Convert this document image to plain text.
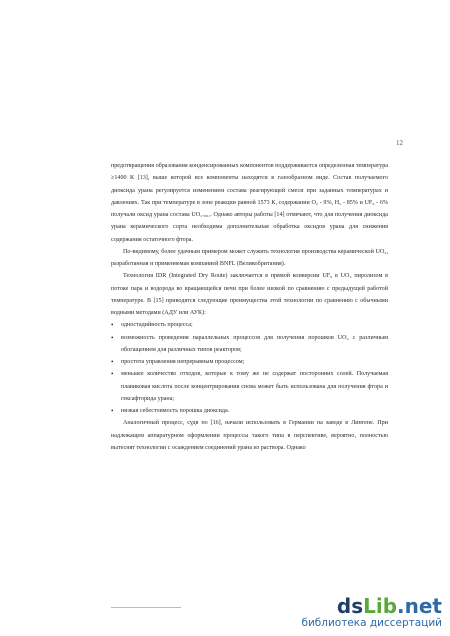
12

предотвращения образования конденсированных компонентов поддерживается определенная температура ≥1400 К [13], выше которой все компоненты находятся в газообразном виде. Состав получаемого диоксида урана регулируется изменением состава реагирующей смеси при заданных температурах и давлениях. Так при температуре в зоне реакции равной 1573 К, содержании O₂ - 9%, H₂ - 85% и UF₆ - 6% получали оксид урана состава UO₂.₀₀₁. Однако авторы работы [14] отмечают, что для получения диоксида урана керамического сорта необходима дополнительная обработка оксидов урана для снижения содержания остаточного фтора.

По-видимому, более удачным примером может служить технология производства керамической UO₂, разработанная и применяемая компанией BNFL (Великобритания).

Технология IDR (Integrated Dry Route) заключается в прямой конверсии UF₆ в UO₂ пиролизом в потоке пара и водорода во вращающейся печи при более низкой по сравнению с предыдущей работой температуре. В [15] приводятся следующие преимущества этой технологии по сравнению с обычными водными методами (АДУ или АУК):

• одностадийность процесса;
• возможность проведения параллельных процессов для получения порошков UO₂ с различным обогащением для различных типов реакторов;
• простота управления непрерывным процессом;
• меньшее количество отходов, которые к тому же не содержат посторонних солей. Получаемая плавиковая кислота после концентрирования снова может быть использована для получения фтора и гексафторида урана;
• низкая себестоимость порошка диоксида.

Аналогичный процесс, судя по [16], начали использовать в Германии на заводе в Лингене. При надлежащем аппаратурном оформлении процессы такого типа в перспективе, вероятно, полностью вытеснят технологии с осаждением соединений урана из раствора. Однако

dsLib.net
библиотека диссертаций
